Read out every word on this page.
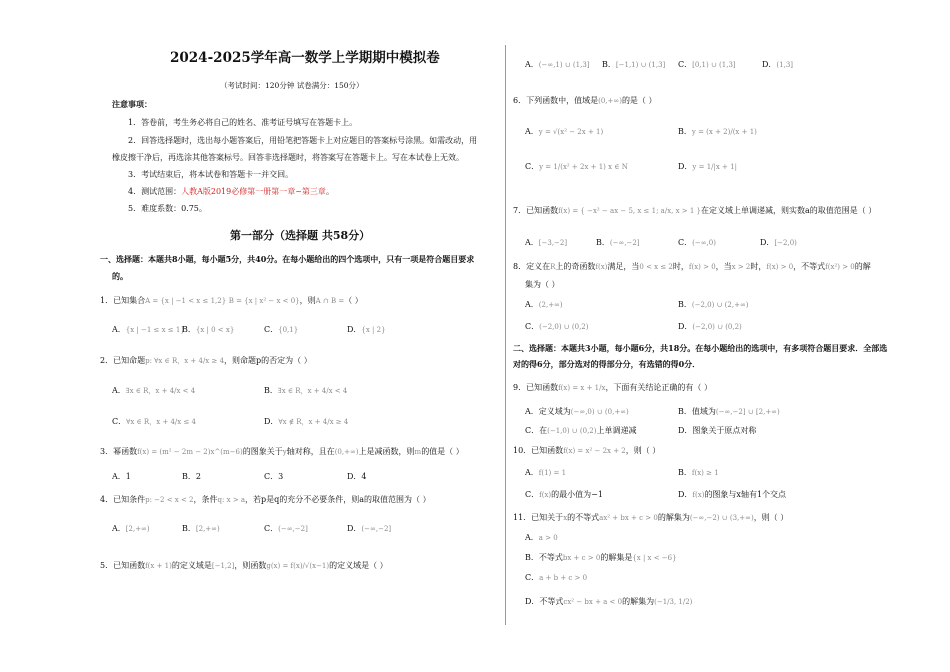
2024-2025学年高一数学上学期期中模拟卷
（考试时间：120分钟 试卷满分：150分）
注意事项：
1．答卷前，考生务必将自己的姓名、准考证号填写在答题卡上。
2．回答选择题时，选出每小题答案后，用铅笔把答题卡上对应题目的答案标号涂黑。如需改动，用
橡皮擦干净后，再选涂其他答案标号。回答非选择题时，将答案写在答题卡上。写在本试卷上无效。
3．考试结束后，将本试卷和答题卡一并交回。
4．测试范围：人教A版2019必修第一册第一章~第三章。
5．难度系数：0.75。
第一部分（选择题 共58分）
一、选择题：本题共8小题，每小题5分，共40分。在每小题给出的四个选项中，只有一项是符合题目要求
的。
1．已知集合A = {x | −1 < x ≤ 1,2} B = {x | x² − x < 0}，则A ∩ B =（ ）
A．{x | −1 ≤ x ≤ 1}
B．{x | 0 < x}	C．{0,1}	D．{x | 2}
2．已知命题p: ∀x ∈ R，x + 4/x ≥ 4，则命题p的否定为（ ）
A．∃x ∈ R，x + 4/x < 4	B．∃x ∈ R，x + 4/x < 4
C．∀x ∈ R，x + 4/x ≤ 4	D．∀x ∉ R，x + 4/x ≥ 4
3．幂函数f(x) = (m² − 2m − 2)x^(m−6)的图象关于y轴对称，且在(0,+∞)上是减函数，则m的值是（ ）
A．1	B．2	C．3	D．4
4．已知条件p: −2 < x < 2，条件q: x > a，若p是q的充分不必要条件，则a的取值范围为（ ）
A．[2,+∞)	B．[2,+∞)	C．(−∞,−2]	D．(−∞,−2]
5．已知函数f(x + 1)的定义域是[−1,2]，则函数g(x) = f(x)/√(x−1)的定义域是（ ）
A．(−∞,1) ∪ (1,3] B．[−1,1) ∪ (1,3] C．[0,1) ∪ (1,3]	D．(1,3]
6．下列函数中，值域是(0,+∞)的是（ ）
A．y = √(x² − 2x + 1)	B．y = (x + 2)/(x + 1)
C．y = 1/(x² + 2x + 1) x ∈ N	D．y = 1/|x + 1|
7．已知函数f(x) = { −x² − ax − 5, x ≤ 1; a/x, x > 1 }在定义域上单调递减，则实数a的取值范围是（ ）
A．[−3,−2]	B．(−∞,−2]	C．(−∞,0)	D．[−2,0)
8．定义在R上的奇函数f(x)满足，当0 < x ≤ 2时，f(x) > 0，当x > 2时，f(x) > 0，不等式f(x²) > 0的解
集为（ ）
A．(2,+∞)	B．(−2,0) ∪ (2,+∞)
C．(−2,0) ∪ (0,2)	D．(−2,0) ∪ (0,2)
二、选择题：本题共3小题，每小题6分，共18分。在每小题给出的选项中，有多项符合题目要求．全部选
对的得6分，部分选对的得部分分，有选错的得0分．
9．已知函数f(x) = x + 1/x，下面有关结论正确的有（ ）
A．定义域为(−∞,0) ∪ (0,+∞)	B．值域为(−∞,−2] ∪ [2,+∞)
C．在(−1,0) ∪ (0,2)上单调递减	D．图象关于原点对称
10．已知函数f(x) = x² − 2x + 2，则（ ）
A．f(1) = 1	B．f(x) ≥ 1
C．f(x)的最小值为−1	D．f(x)的图象与x轴有1个交点
11．已知关于x的不等式ax² + bx + c > 0的解集为(−∞,−2) ∪ (3,+∞)，则（ ）
A．a > 0
B．不等式bx + c > 0的解集是{x | x < −6}
C．a + b + c > 0
D．不等式cx² − bx + a < 0的解集为(−1/3, 1/2)
